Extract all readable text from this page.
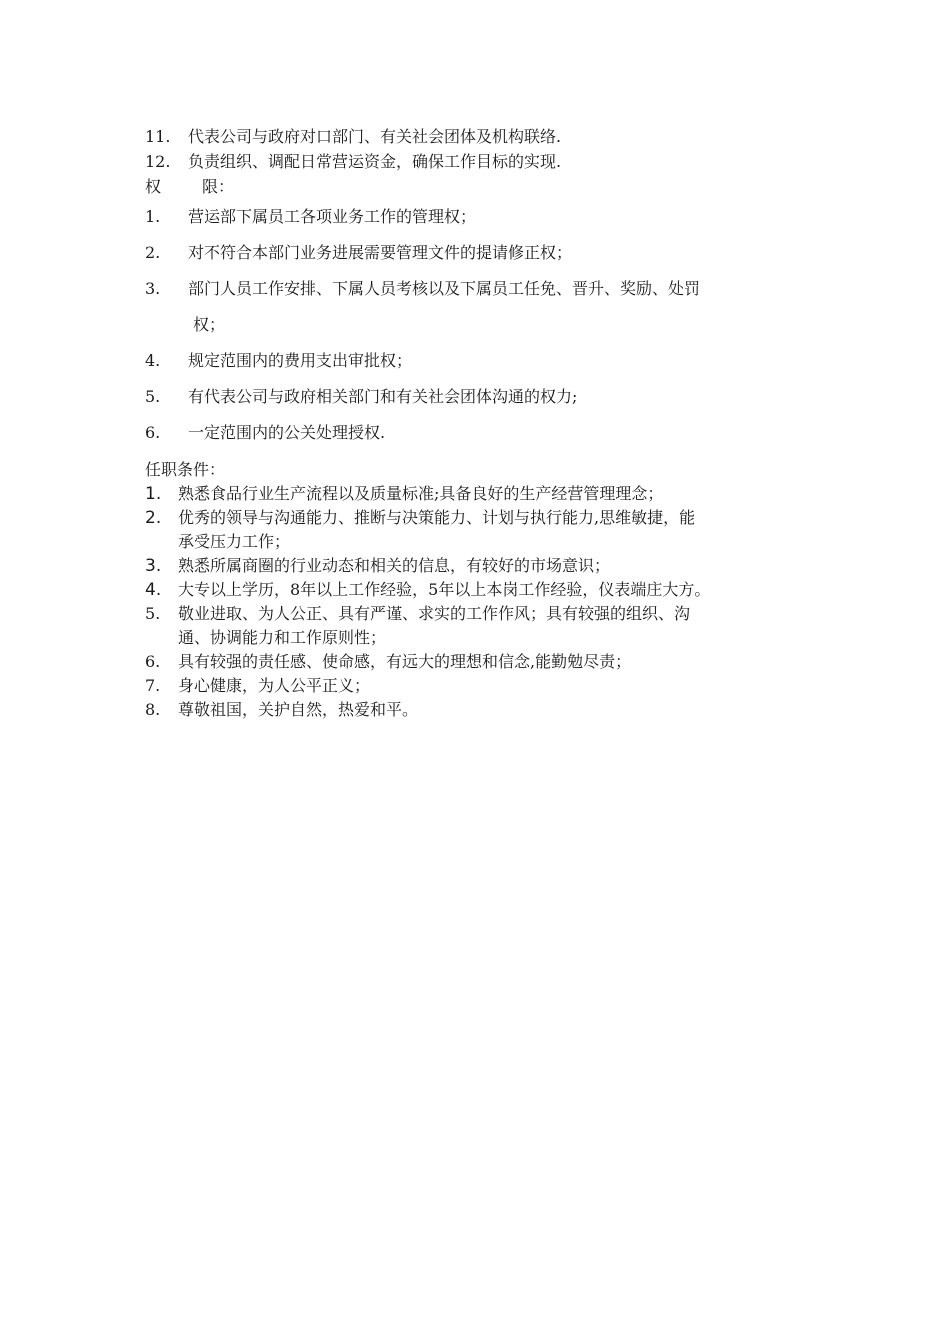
11.	代表公司与政府对口部门、有关社会团体及机构联络.
12.	负责组织、调配日常营运资金，确保工作目标的实现.
权	限：
1.	营运部下属员工各项业务工作的管理权；
2.	对不符合本部门业务进展需要管理文件的提请修正权；
3.	部门人员工作安排、下属人员考核以及下属员工任免、晋升、奖励、处罚
权；
4.	规定范围内的费用支出审批权；
5.	有代表公司与政府相关部门和有关社会团体沟通的权力;
6.	一定范围内的公关处理授权.
任职条件：
1.	熟悉食品行业生产流程以及质量标准;具备良好的生产经营管理理念；
2.	优秀的领导与沟通能力、推断与决策能力、计划与执行能力,思维敏捷，能
承受压力工作；
3.	熟悉所属商圈的行业动态和相关的信息，有较好的市场意识；
4.	大专以上学历，8年以上工作经验，5年以上本岗工作经验，仪表端庄大方。
5.	敬业进取、为人公正、具有严谨、求实的工作作风；具有较强的组织、沟
通、协调能力和工作原则性；
6.	具有较强的责任感、使命感，有远大的理想和信念,能勤勉尽责；
7.	身心健康，为人公平正义；
8.	尊敬祖国，关护自然，热爱和平。
